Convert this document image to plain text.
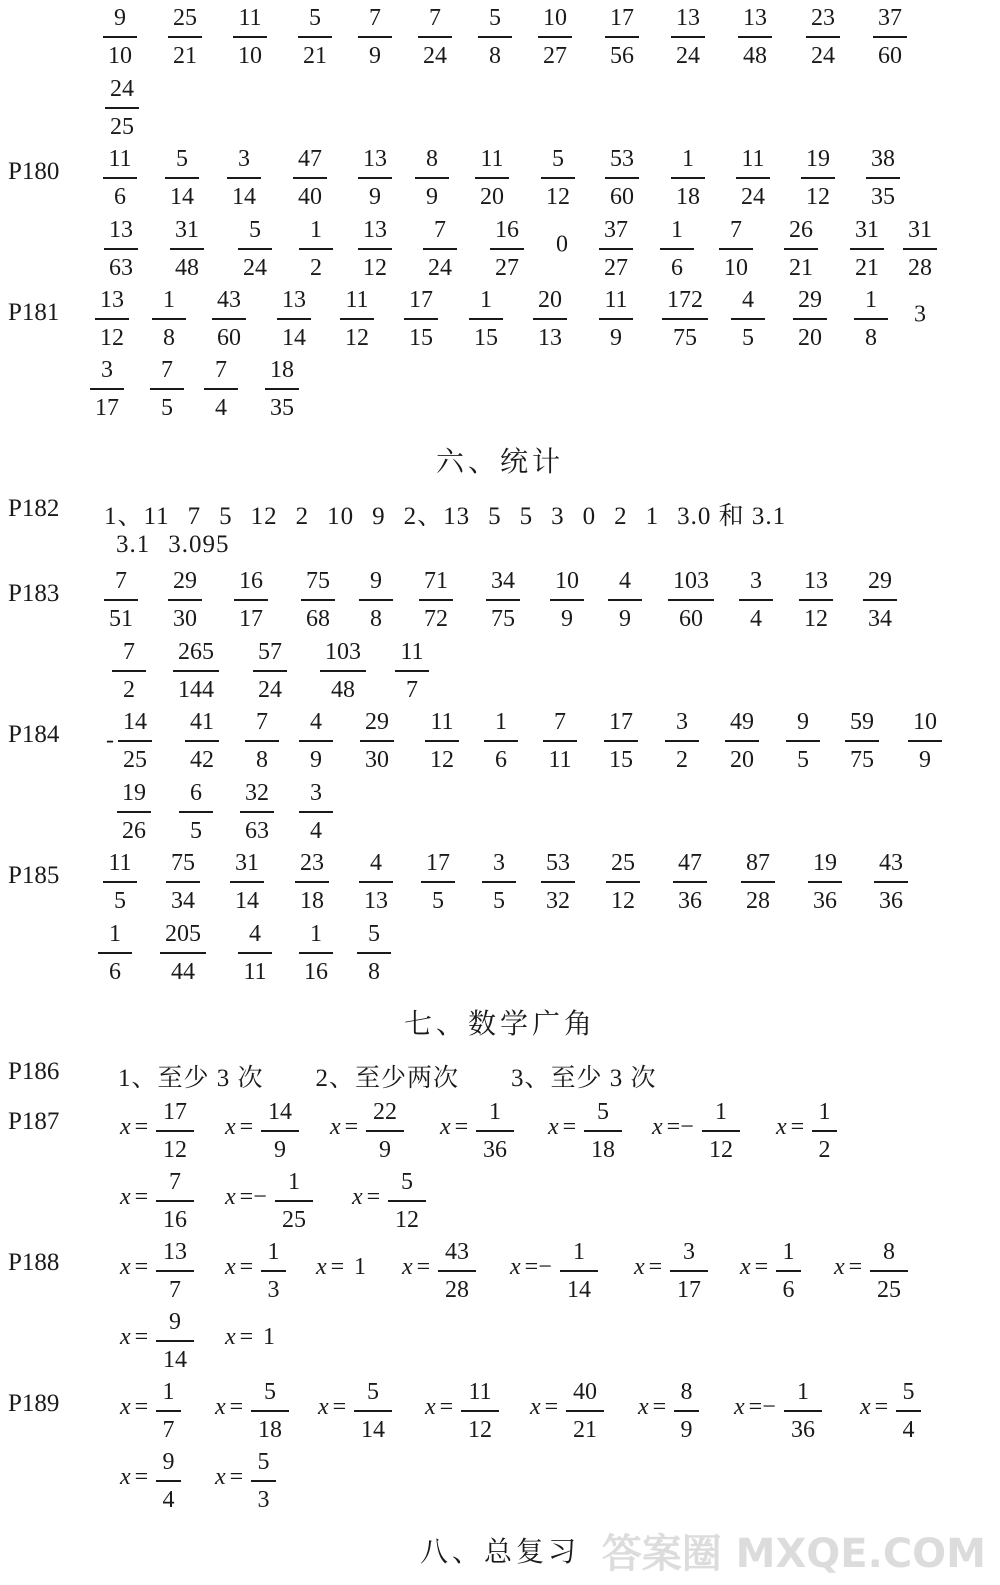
9
10
25
21
11
10
5
21
7
9
7
24
5
8
10
27
17
56
13
24
13
48
23
24
37
60
24
25
11
6
5
14
3
14
47
40
13
9
8
9
11
20
5
12
53
60
1
18
11
24
19
12
38
35
13
63
31
48
5
24
1
2
13
12
7
24
16
27
37
27
1
6
7
10
26
21
31
21
31
28
13
12
1
8
43
60
13
14
11
12
17
15
1
15
20
13
11
9
172
75
4
5
29
20
1
8
3
17
7
5
7
4
18
35
7
51
29
30
16
17
75
68
9
8
71
72
34
75
10
9
4
9
103
60
3
4
13
12
29
34
7
2
265
144
57
24
103
48
11
7
14
25
41
42
7
8
4
9
29
30
11
12
1
6
7
11
17
15
3
2
49
20
9
5
59
75
10
9
19
26
6
5
32
63
3
4
11
5
75
34
31
14
23
18
4
13
17
5
3
5
53
32
25
12
47
36
87
28
19
36
43
36
1
6
205
44
4
11
1
16
5
8
x =
17
12
x =
14
9
x =
22
9
x =
1
36
x =
5
18
x =−
1
12
x =
1
2
x =
7
16
x =−
1
25
x =
5
12
x =
13
7
x =
1
3
x = 1 x =
43
28
x =−
1
14
x =
3
17
x =
1
6
x =
8
25
x =
9
14
x = 1
x =
1
7
x =
5
18
x =
5
14
x =
11
12
x =
40
21
x =
8
9
x =−
1
36
x =
5
4
x =
9
4
x =
5
3
六、统计
七、数学广角
八、总复习
P180
P181
P182
P183
P184
P185
P186
P187
P188
P189
0
3
-
1、11 7 5 12 2 10 9 2、13 5 5 3 0 2 1 3.0 和 3.1
3.1 3.095
1、至少 3 次 2、至少两次 3、至少 3 次
答案圈 MXQE.COM
